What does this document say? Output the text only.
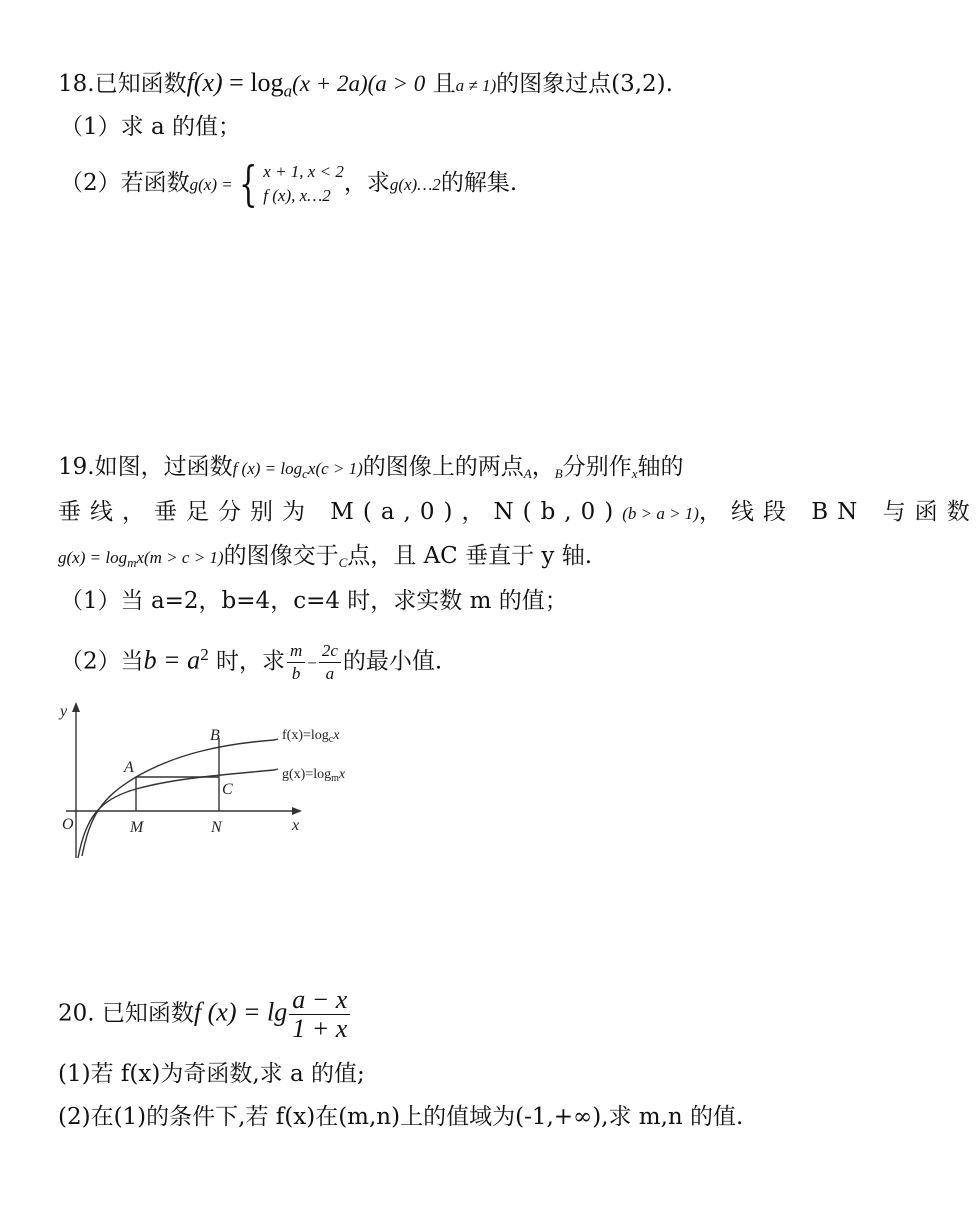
18.已知函数$f(x) = \log_a(x + 2a)(a > 0$ 且a ≠ 1)的图象过点(3,2).
（1）求 a 的值；
（2）若函数g(x) = { x + 1, x < 2
f (x), x…2 ，求g(x)…2的解集.
19.如图，过函数f $(x) = \log_cx(c > 1)$的图像上的两点A，B分别作x轴的
垂线，垂足分别为 M(a,0)，N(b,0)(b > a > 1)，线段 BN 与函数
$g(x) = \log_mx(m > c > 1)$的图像交于C点，且 AC 垂直于 y 轴.
（1）当 a=2，b=4，c=4 时，求实数 m 的值；
（2）当$b = a^2$ 时，求 $\frac{m}{b} - \frac{2c}{a}$ 的最小值.
y
x
O	M	N
A
B
C
$f(x)=\log_cx$
$g(x)=\log_mx$
20. 已知函数f $(x) = \lg \frac{a - x}{1 + x}$
(1)若 f(x)为奇函数,求 a 的值;
(2)在(1)的条件下,若 f(x)在(m,n)上的值域为(-1,+∞),求 m,n 的值.
